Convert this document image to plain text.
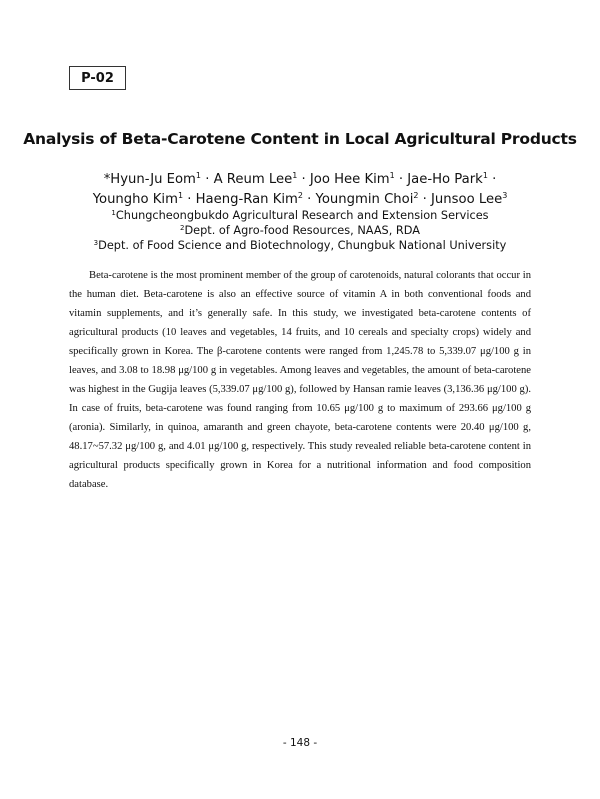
P-02
Analysis of Beta-Carotene Content in Local Agricultural Products
*Hyun-Ju Eom$^1$ · A Reum Lee$^1$ · Joo Hee Kim$^1$ · Jae-Ho Park$^1$ ·
Youngho Kim$^1$ · Haeng-Ran Kim$^2$ · Youngmin Choi$^2$ · Junsoo Lee$^3$
$^1$Chungcheongbukdo Agricultural Research and Extension Services
$^2$Dept. of Agro-food Resources, NAAS, RDA
$^3$Dept. of Food Science and Biotechnology, Chungbuk National University

Beta-carotene is the most prominent member of the group of carotenoids, natural colorants that occur in the human diet. Beta-carotene is also an effective source of vitamin A in both conventional foods and vitamin supplements, and it’s generally safe. In this study, we investigated beta-carotene contents of agricultural products (10 leaves and vegetables, 14 fruits, and 10 cereals and specialty crops) widely and specifically grown in Korea. The β-carotene contents were ranged from 1,245.78 to 5,339.07 μg/100 g in leaves, and 3.08 to 18.98 μg/100 g in vegetables. Among leaves and vegetables, the amount of beta-carotene was highest in the Gugija leaves (5,339.07 μg/100 g), followed by Hansan ramie leaves (3,136.36 μg/100 g). In case of fruits, beta-carotene was found ranging from 10.65 μg/100 g to maximum of 293.66 μg/100 g (aronia). Similarly, in quinoa, amaranth and green chayote, beta-carotene contents were 20.40 μg/100 g, 48.17~57.32 μg/100 g, and 4.01 μg/100 g, respectively. This study revealed reliable beta-carotene content in agricultural products specifically grown in Korea for a nutritional information and food composition database.

- 148 -
